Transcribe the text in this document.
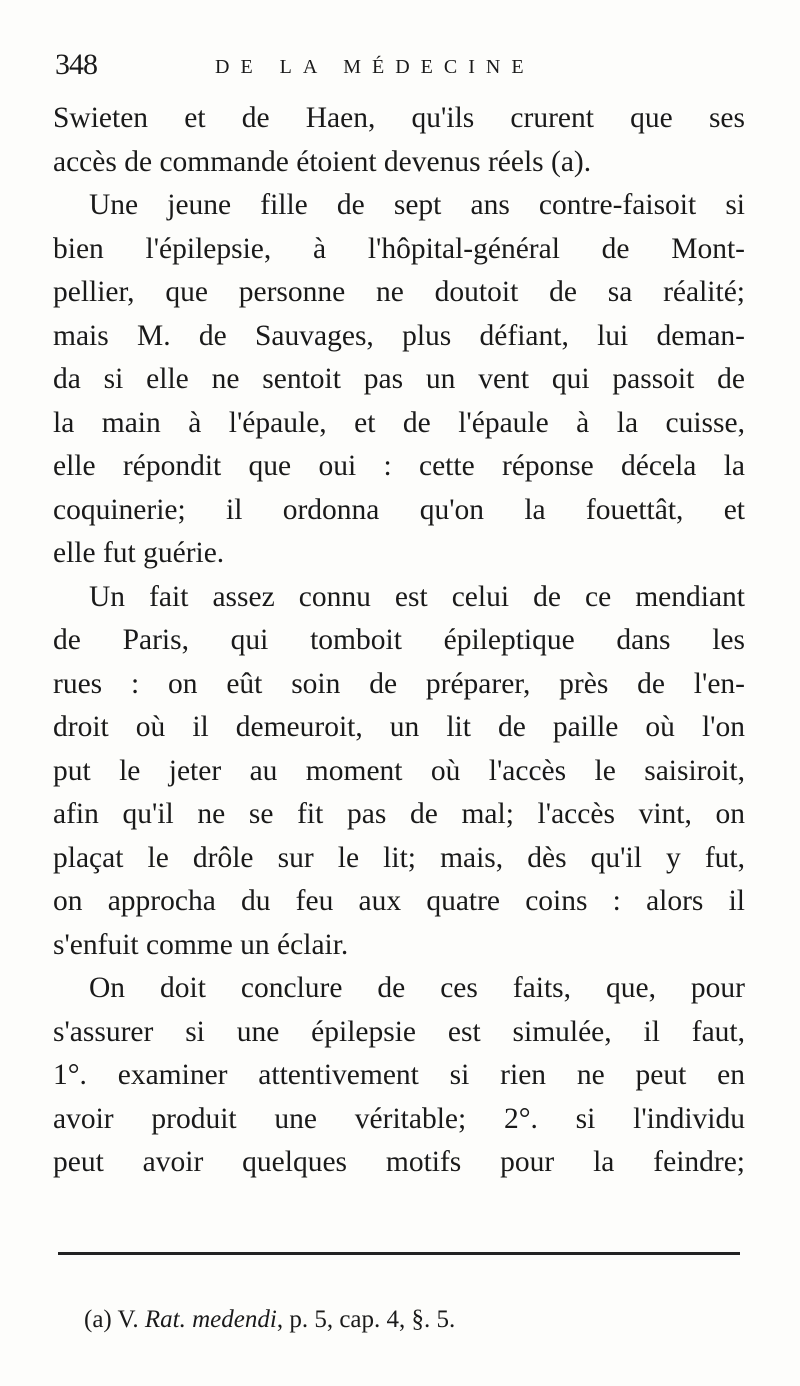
348	DE LA MÉDECINE
Swieten et de Haen, qu'ils crurent que ses
accès de commande étoient devenus réels (a).
Une jeune fille de sept ans contre-faisoit si
bien l'épilepsie, à l'hôpital-général de Mont-
pellier, que personne ne doutoit de sa réalité;
mais M. de Sauvages, plus défiant, lui deman-
da si elle ne sentoit pas un vent qui passoit de
la main à l'épaule, et de l'épaule à la cuisse,
elle répondit que oui : cette réponse décela la
coquinerie; il ordonna qu'on la fouettât, et
elle fut guérie.
Un fait assez connu est celui de ce mendiant
de Paris, qui tomboit épileptique dans les
rues : on eût soin de préparer, près de l'en-
droit où il demeuroit, un lit de paille où l'on
put le jeter au moment où l'accès le saisiroit,
afin qu'il ne se fit pas de mal; l'accès vint, on
plaçat le drôle sur le lit; mais, dès qu'il y fut,
on approcha du feu aux quatre coins : alors il
s'enfuit comme un éclair.
On doit conclure de ces faits, que, pour
s'assurer si une épilepsie est simulée, il faut,
1°. examiner attentivement si rien ne peut en
avoir produit une véritable; 2°. si l'individu
peut avoir quelques motifs pour la feindre;
(a) V. Rat. medendi, p. 5, cap. 4, §. 5.
